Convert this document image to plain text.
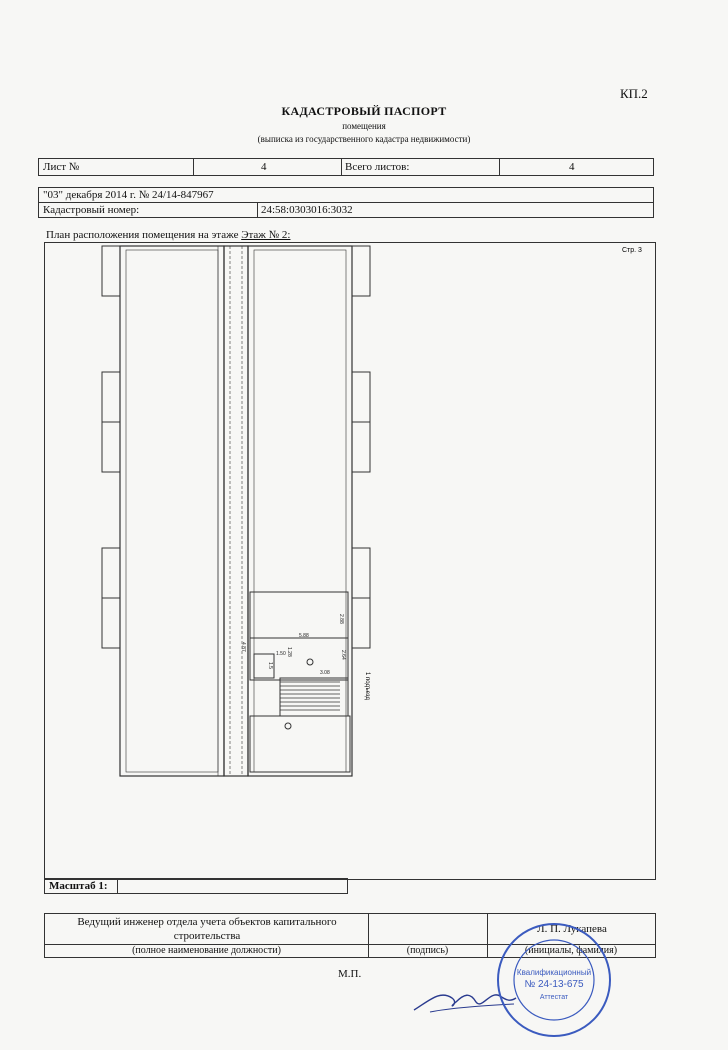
КП.2
КАДАСТРОВЫЙ ПАСПОРТ
помещения
(выписка из государственного кадастра недвижимости)
Лист №	4	Всего листов:	4
"03" декабря 2014 г. № 24/14-847967
Кадастровый номер:	24:58:0303016:3032
План расположения помещения на этаже Этаж № 2:
Стр. 3
5.88
2.88
1.50 1.28
3.08
4.87
2.64
1.5
1 подъезд
Масштаб 1:
Ведущий инженер отдела учета объектов капитального строительства
Л. П. Лукапева
(полное наименование должности)	(подпись)	(инициалы, фамилия)
М.П.	Квалификационный
№ 24-13-675
Аттестат
